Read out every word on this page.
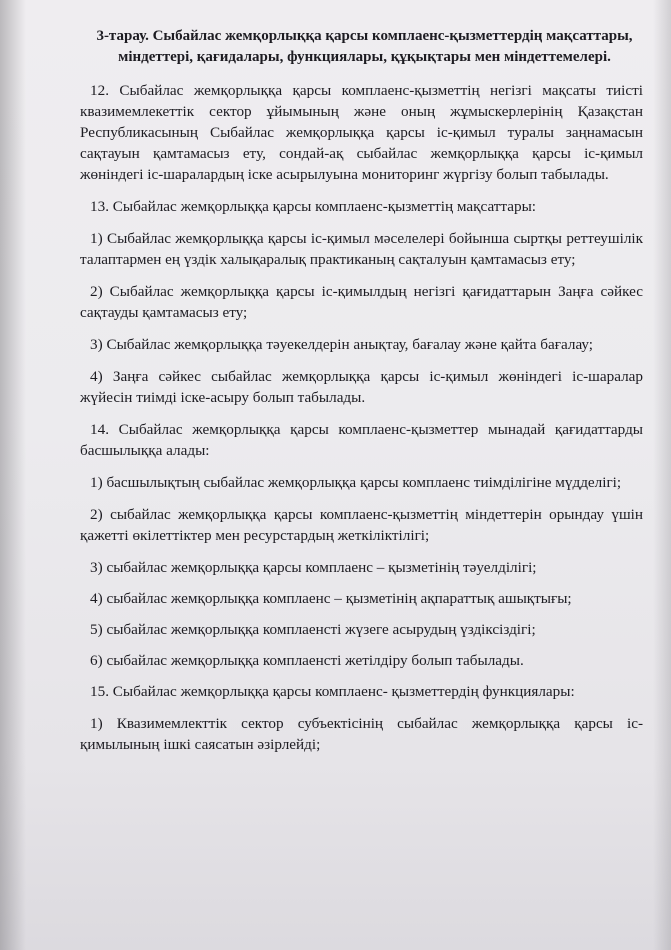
3-тарау. Сыбайлас жемқорлыққа қарсы комплаенс-қызметтердің мақсаттары, міндеттері, қағидалары, функциялары, құқықтары мен міндеттемелері.
12. Сыбайлас жемқорлыққа қарсы комплаенс-қызметтің негізгі мақсаты тиісті квазимемлекеттік сектор ұйымының және оның жұмыскерлерінің Қазақстан Республикасының Сыбайлас жемқорлыққа қарсы іс-қимыл туралы заңнамасын сақтауын қамтамасыз ету, сондай-ақ сыбайлас жемқорлыққа қарсы іс-қимыл жөніндегі іс-шаралардың іске асырылуына мониторинг жүргізу болып табылады.
13. Сыбайлас жемқорлыққа қарсы комплаенс-қызметтің мақсаттары:
1) Сыбайлас жемқорлыққа қарсы іс-қимыл мәселелері бойынша сыртқы реттеушілік талаптармен ең үздік халықаралық практиканың сақталуын қамтамасыз ету;
2) Сыбайлас жемқорлыққа қарсы іс-қимылдың негізгі қағидаттарын Заңға сәйкес сақтауды қамтамасыз ету;
3) Сыбайлас жемқорлыққа тәуекелдерін анықтау, бағалау және қайта бағалау;
4) Заңға сәйкес сыбайлас жемқорлыққа қарсы іс-қимыл жөніндегі іс-шаралар жүйесін тиімді іске-асыру болып табылады.
14. Сыбайлас жемқорлыққа қарсы комплаенс-қызметтер мынадай қағидаттарды басшылыққа алады:
1) басшылықтың сыбайлас жемқорлыққа қарсы комплаенс тиімділігіне мүдделігі;
2) сыбайлас жемқорлыққа қарсы комплаенс-қызметтің міндеттерін орындау үшін қажетті өкілеттіктер мен ресурстардың жеткіліктілігі;
3) сыбайлас жемқорлыққа қарсы комплаенс – қызметінің тәуелділігі;
4) сыбайлас жемқорлыққа комплаенс – қызметінің ақпараттық ашықтығы;
5) сыбайлас жемқорлыққа комплаенсті жүзеге асырудың үздіксіздігі;
6) сыбайлас жемқорлыққа комплаенсті жетілдіру болып табылады.
15. Сыбайлас жемқорлыққа қарсы комплаенс- қызметтердің функциялары:
1) Квазимемлекттік сектор субъектісінің сыбайлас жемқорлыққа қарсы іс-қимылының ішкі саясатын әзірлейді;
